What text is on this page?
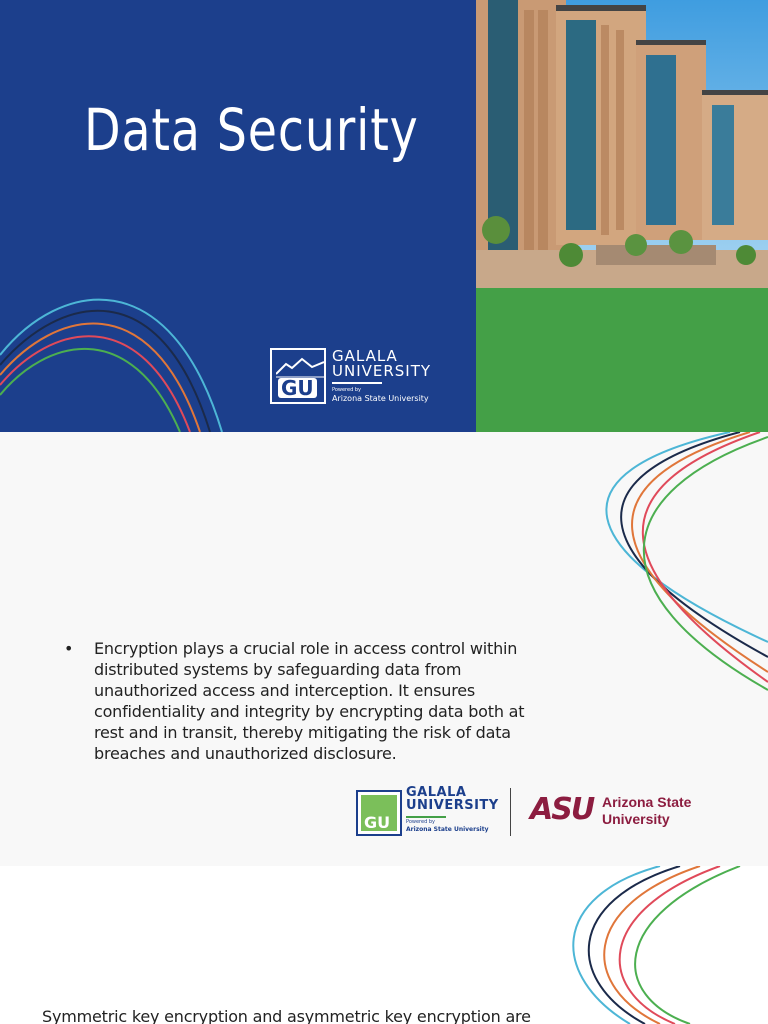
Data Security
GU
GALALA
UNIVERSITY
Powered by
Arizona State University
• Encryption plays a crucial role in access control within distributed systems by safeguarding data from unauthorized access and interception. It ensures confidentiality and integrity by encrypting data both at rest and in transit, thereby mitigating the risk of data breaches and unauthorized disclosure.
GU
GALALA
UNIVERSITY
Powered by
Arizona State University
ASU Arizona State
University
Symmetric key encryption and asymmetric key encryption are
